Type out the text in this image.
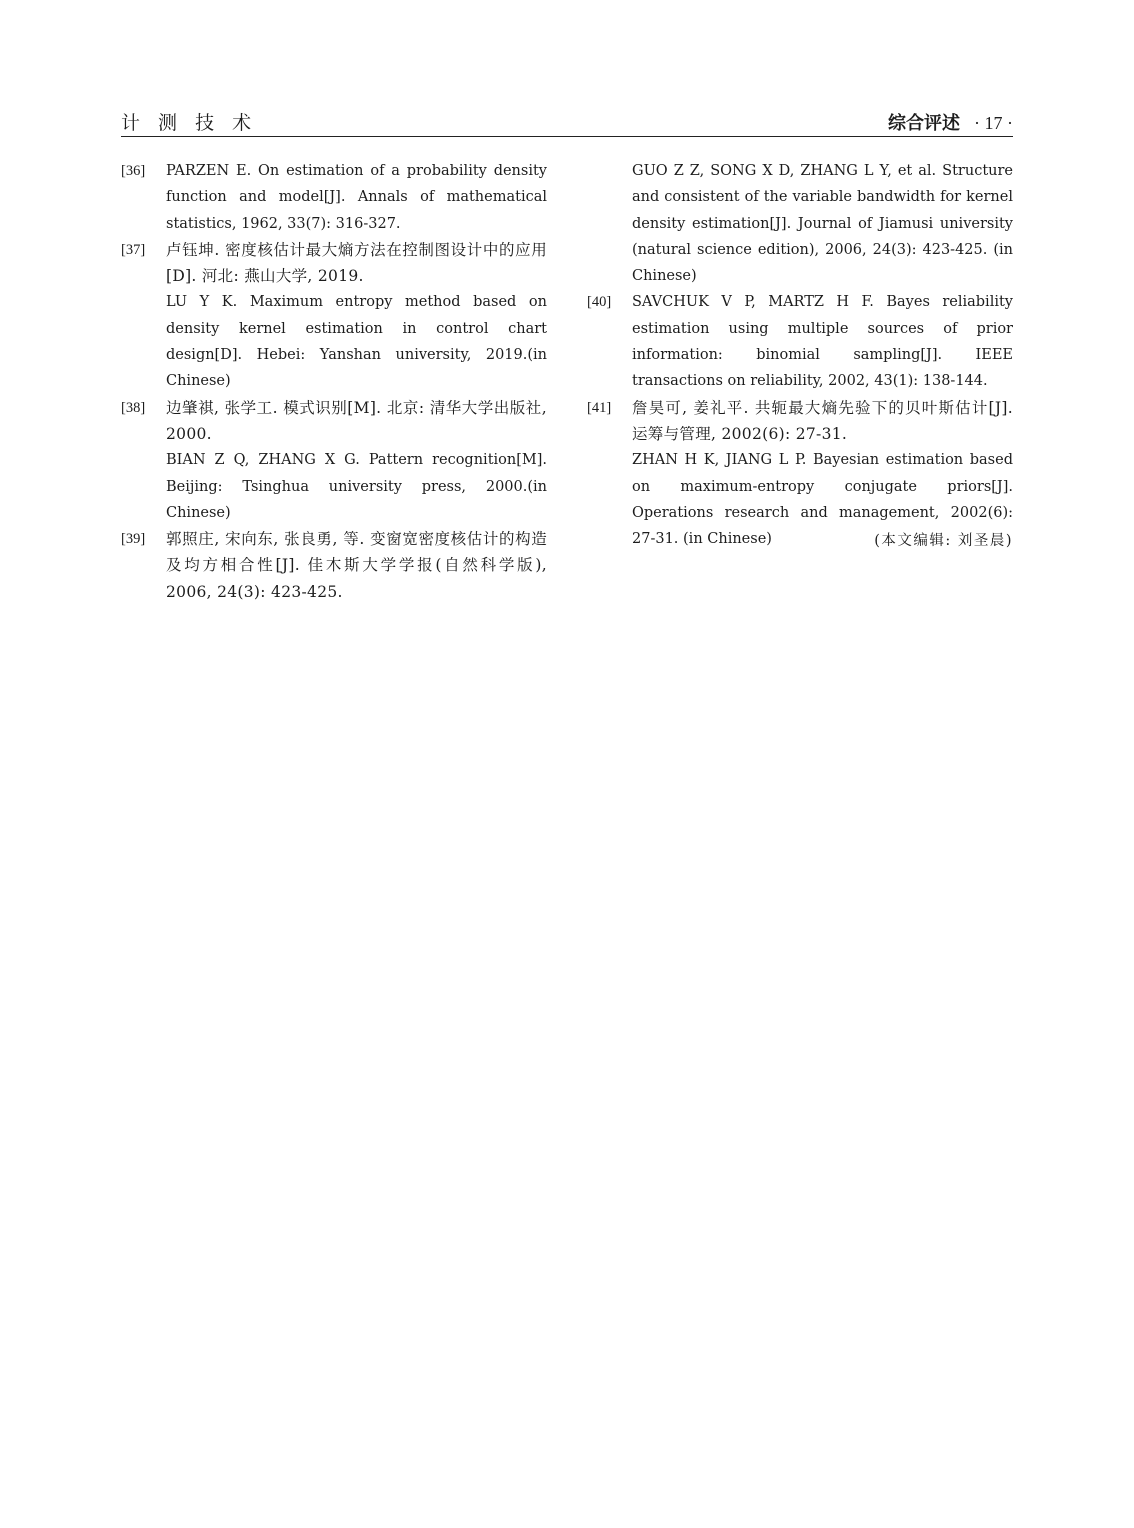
计 测 技 术	综合评述 · 17 ·
[36] PARZEN E. On estimation of a probability density function and model[J]. Annals of mathematical statistics, 1962, 33(7): 316-327.

[37] 卢钰坤. 密度核估计最大熵方法在控制图设计中的应用[D]. 河北: 燕山大学, 2019.

LU Y K. Maximum entropy method based on density kernel estimation in control chart design[D]. Hebei: Yanshan university, 2019.(in Chinese)

[38] 边肇祺, 张学工. 模式识别[M]. 北京: 清华大学出版社, 2000.

BIAN Z Q, ZHANG X G. Pattern recognition[M]. Beijing: Tsinghua university press, 2000.(in Chinese)

[39] 郭照庄, 宋向东, 张良勇, 等. 变窗宽密度核估计的构造及均方相合性[J]. 佳木斯大学学报(自然科学版), 2006, 24(3): 423-425.

GUO Z Z, SONG X D, ZHANG L Y, et al. Structure and consistent of the variable bandwidth for kernel density estimation[J]. Journal of Jiamusi university (natural science edition), 2006, 24(3): 423-425. (in Chinese)

[40] SAVCHUK V P, MARTZ H F. Bayes reliability estimation using multiple sources of prior information: binomial sampling[J]. IEEE transactions on reliability, 2002, 43(1): 138-144.

[41] 詹昊可, 姜礼平. 共轭最大熵先验下的贝叶斯估计[J]. 运筹与管理, 2002(6): 27-31.

ZHAN H K, JIANG L P. Bayesian estimation based on maximum-entropy conjugate priors[J]. Operations research and management, 2002(6): 27-31. (in Chinese)	(本文编辑: 刘圣晨)
